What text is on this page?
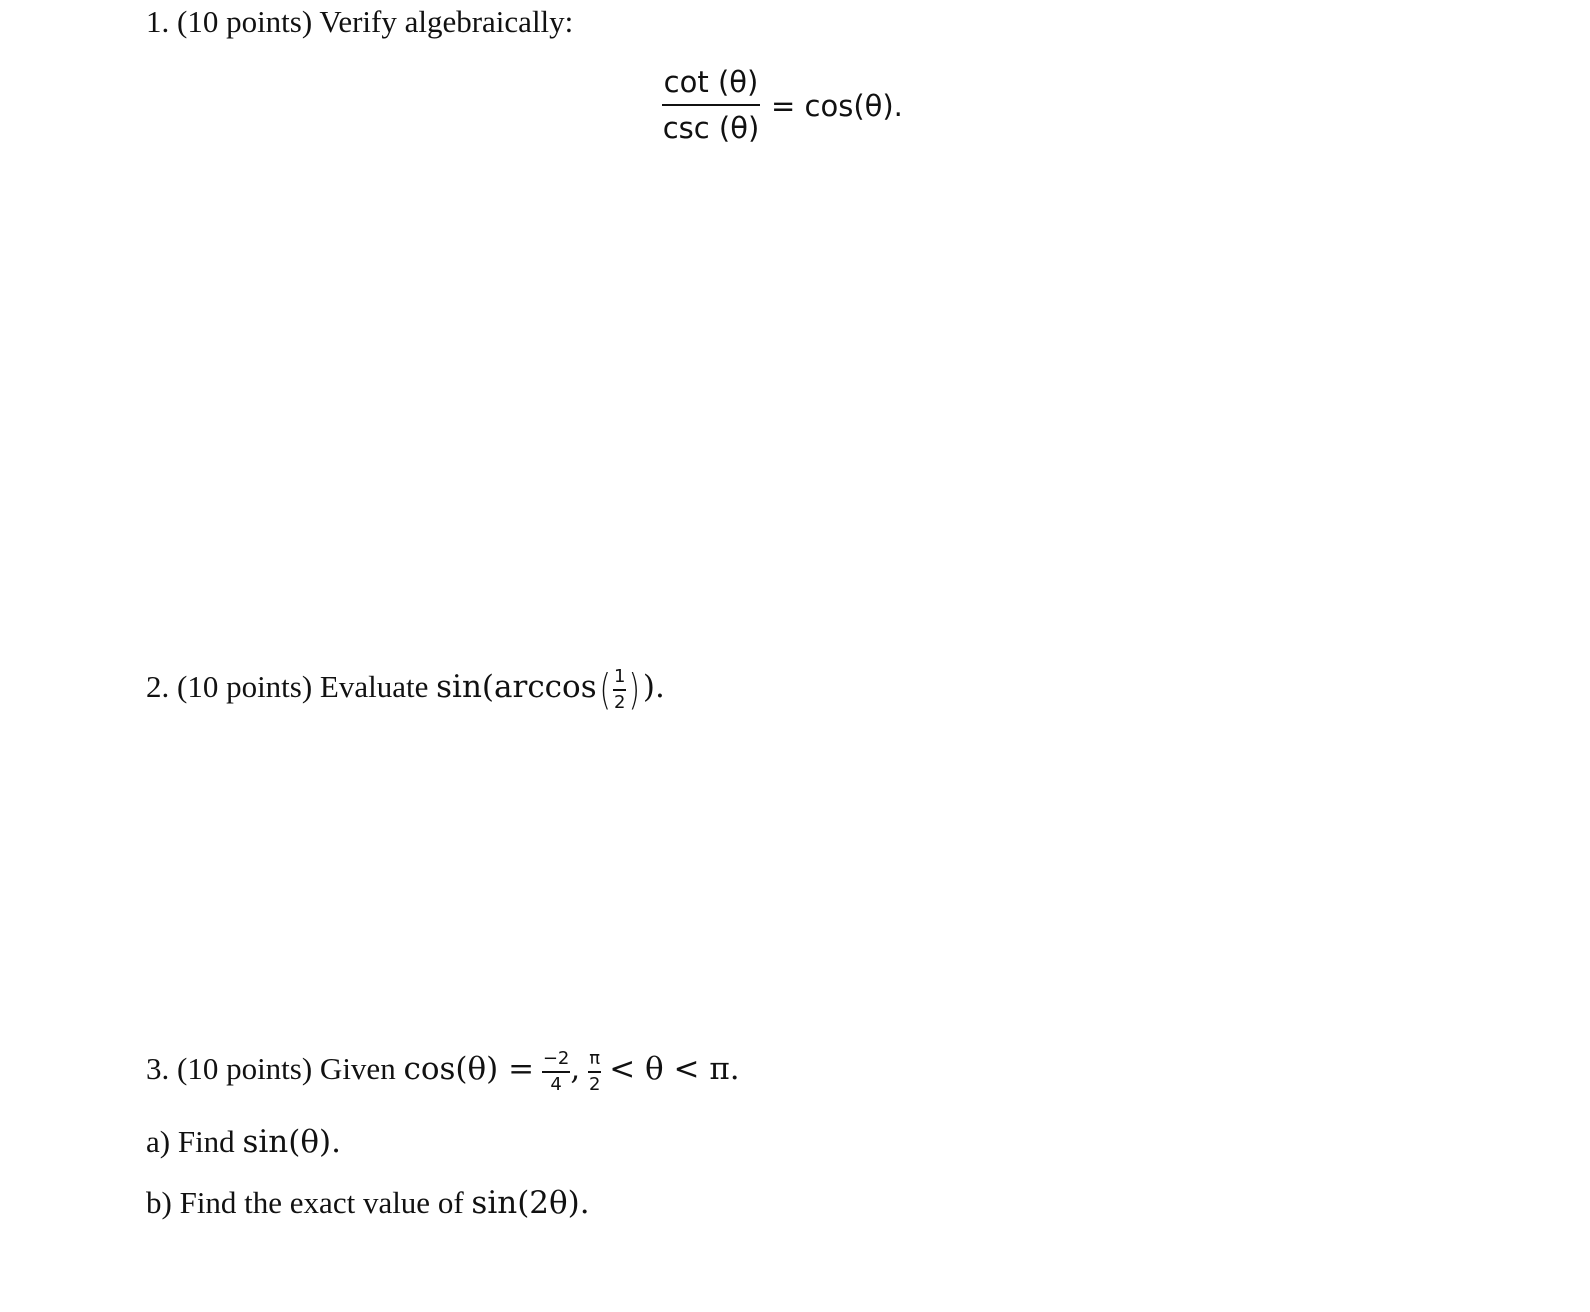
1. (10 points) Verify algebraically:
cot (θ)
csc (θ)
= cos(θ).
2. (10 points) Evaluate $\sin(\arccos( \frac{1}{2}$ )).
3. (10 points) Given $\cos(\theta) = \frac{-2}{4}$ , $\frac{\pi}{2} < \theta < \pi$.
a) Find sin(θ).
b) Find the exact value of sin(2θ).
